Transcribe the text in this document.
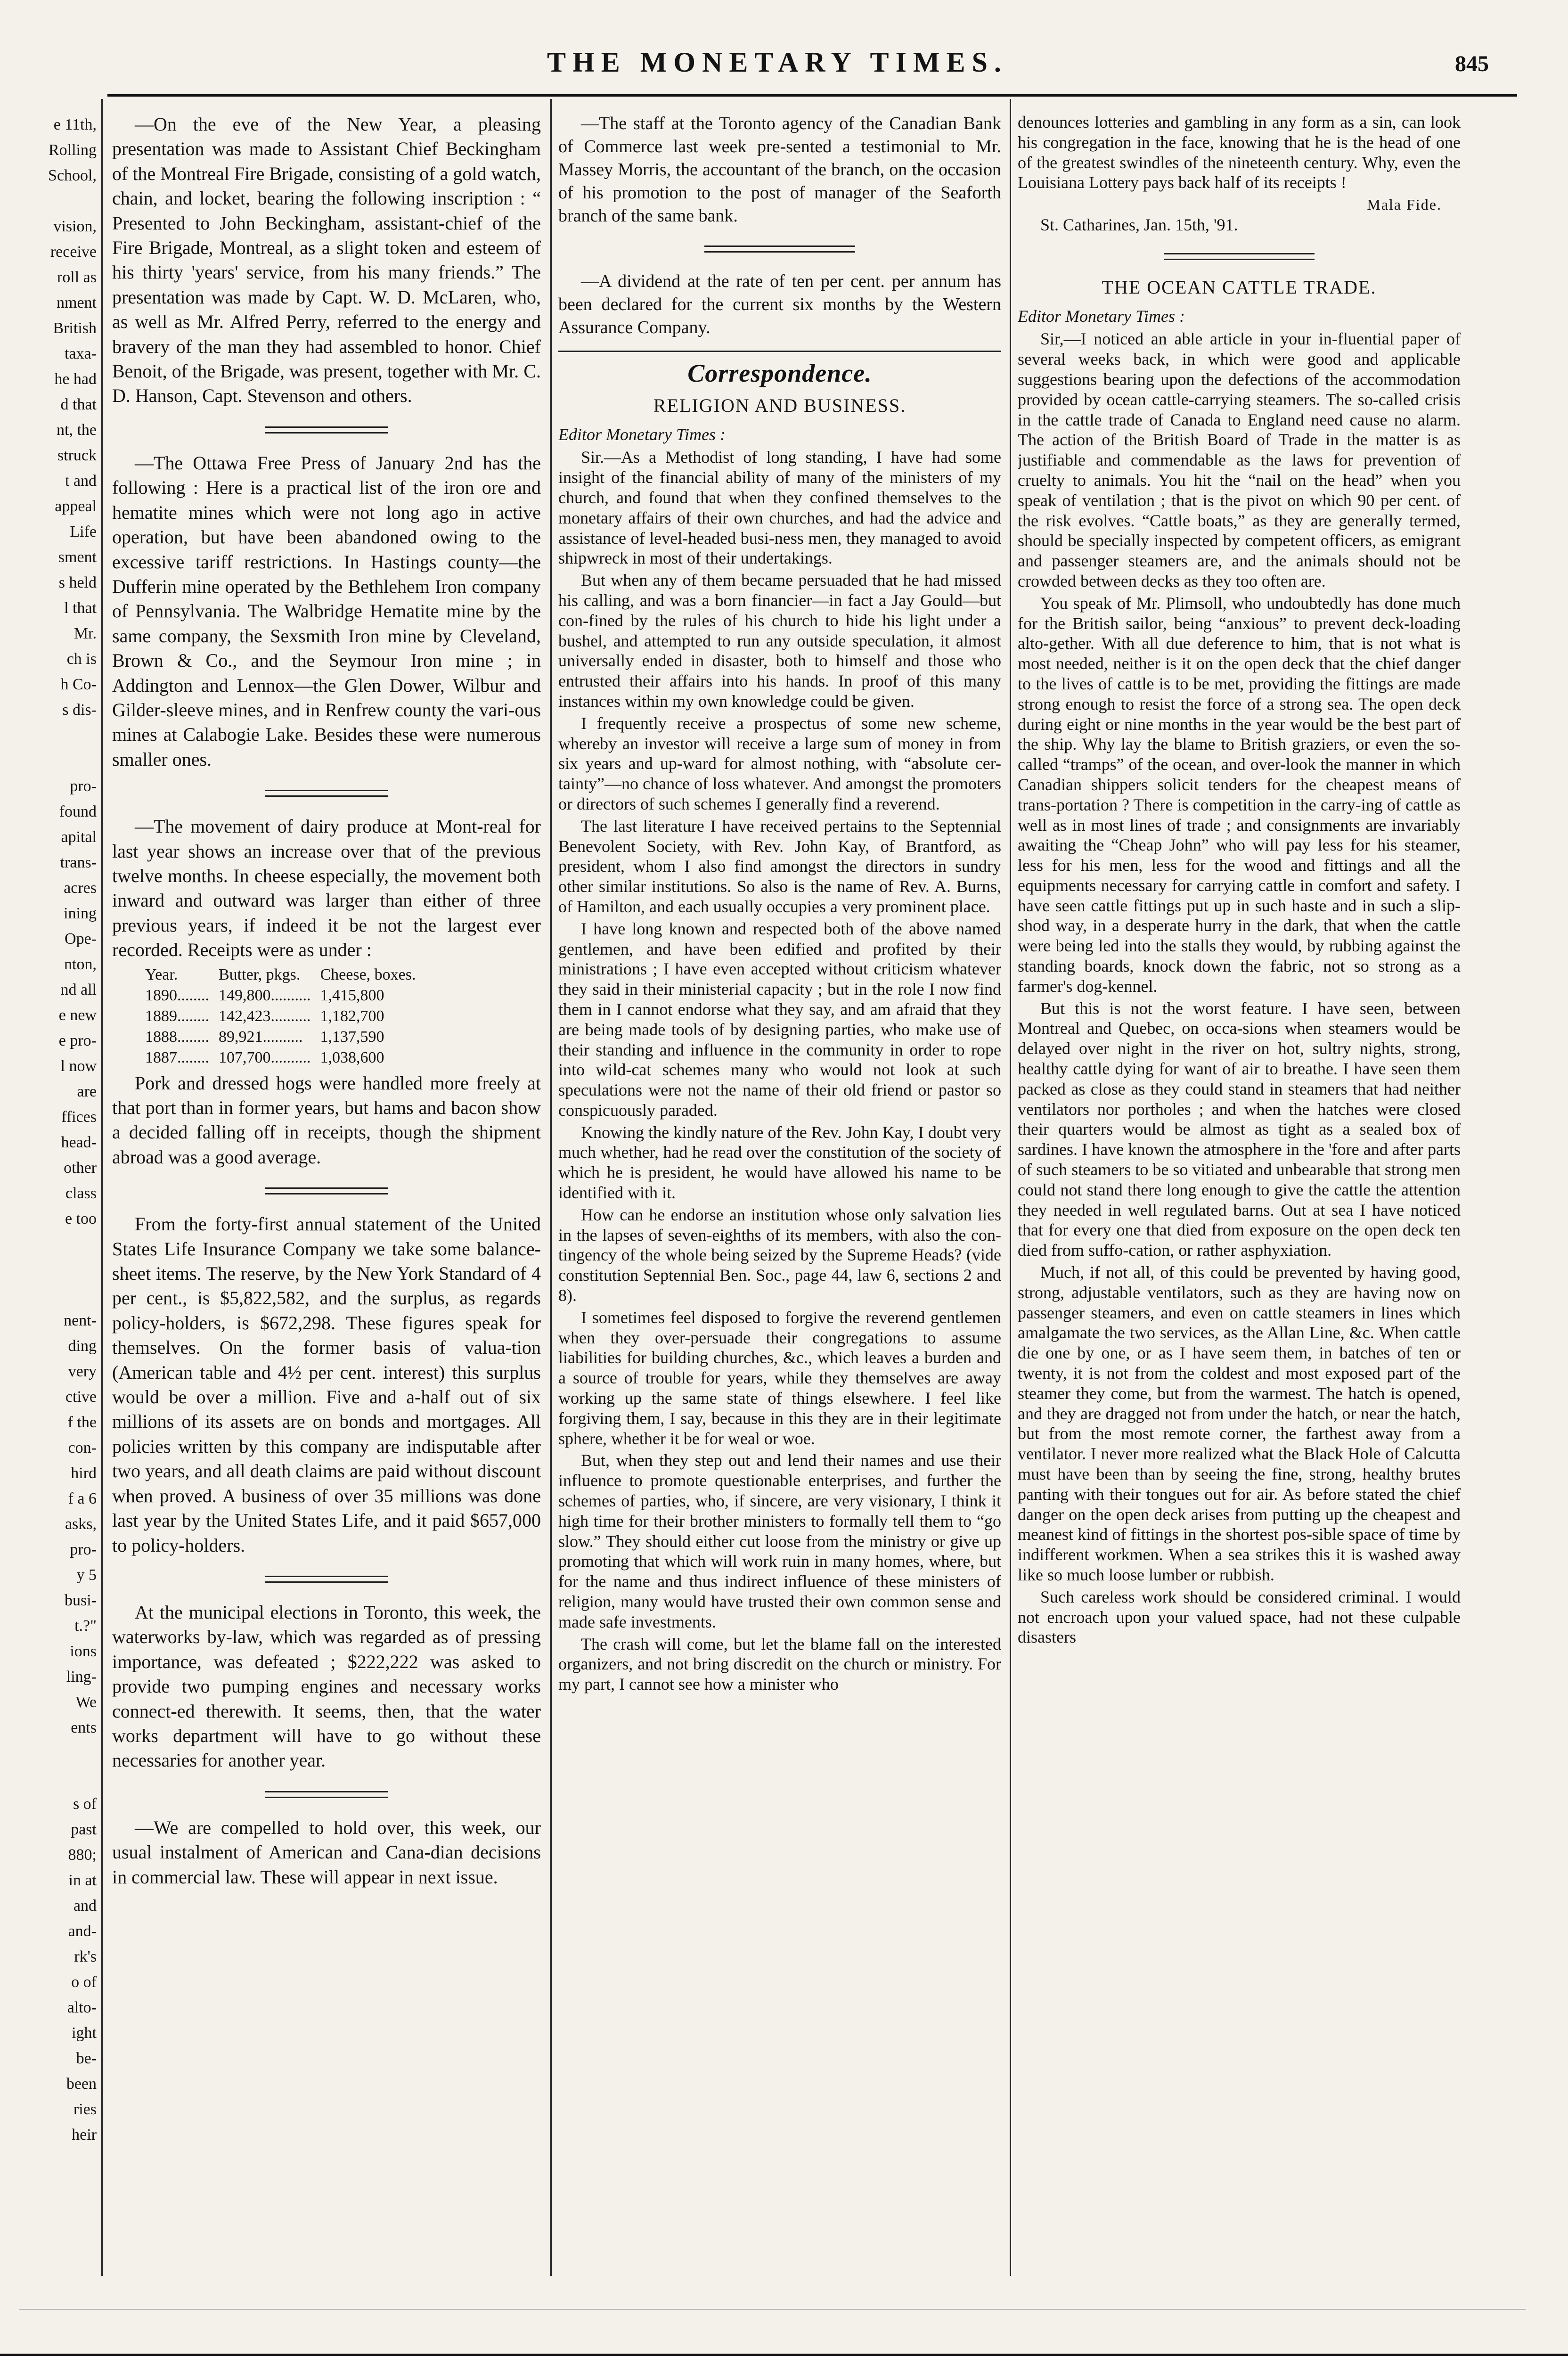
THE MONETARY TIMES.	845
e 11th,
Rolling
School,

vision,
receive
roll as
nment
British
taxa-
he had
d that
nt, the
struck
t and
appeal
Life
sment
s held
l that
Mr.
ch is
h Co-
s dis-

pro-
found
apital
trans-
acres
ining
Ope-
nton,
nd all
e new
e pro-
l now
are
ffices
head-
other
class
e too

nent-
ding
very
ctive
f the
con-
hird
f a 6
asks,
pro-
y 5
busi-
t.?"
ions
ling-
We
ents

s of
past
880;
in at
and
and-
rk's
o of
alto-
ight
be-
been
ries
heir

—On the eve of the New Year, a pleasing presentation was made to Assistant Chief Beckingham of the Montreal Fire Brigade, consisting of a gold watch, chain, and locket, bearing the following inscription : “ Presented to John Beckingham, assistant-chief of the Fire Brigade, Montreal, as a slight token and esteem of his thirty 'years' service, from his many friends.” The presentation was made by Capt. W. D. McLaren, who, as well as Mr. Alfred Perry, referred to the energy and bravery of the man they had assembled to honor. Chief Benoit, of the Brigade, was present, together with Mr. C. D. Hanson, Capt. Stevenson and others.

—The Ottawa Free Press of January 2nd has the following : Here is a practical list of the iron ore and hematite mines which were not long ago in active operation, but have been abandoned owing to the excessive tariff restrictions. In Hastings county—the Dufferin mine operated by the Bethlehem Iron company of Pennsylvania. The Walbridge Hematite mine by the same company, the Sexsmith Iron mine by Cleveland, Brown & Co., and the Seymour Iron mine ; in Addington and Lennox—the Glen Dower, Wilbur and Gilder-sleeve mines, and in Renfrew county the vari-ous mines at Calabogie Lake. Besides these were numerous smaller ones.

—The movement of dairy produce at Mont-real for last year shows an increase over that of the previous twelve months. In cheese especially, the movement both inward and outward was larger than either of three previous years, if indeed it be not the largest ever recorded. Receipts were as under :

Year.	Butter, pkgs.	Cheese, boxes.
1890........	149,800..........	1,415,800
1889........	142,423..........	1,182,700
1888........	89,921..........	1,137,590
1887........	107,700..........	1,038,600

Pork and dressed hogs were handled more freely at that port than in former years, but hams and bacon show a decided falling off in receipts, though the shipment abroad was a good average.

From the forty-first annual statement of the United States Life Insurance Company we take some balance-sheet items. The reserve, by the New York Standard of 4 per cent., is $5,822,582, and the surplus, as regards policy-holders, is $672,298. These figures speak for themselves. On the former basis of valua-tion (American table and 4½ per cent. interest) this surplus would be over a million. Five and a-half out of six millions of its assets are on bonds and mortgages. All policies written by this company are indisputable after two years, and all death claims are paid without discount when proved. A business of over 35 millions was done last year by the United States Life, and it paid $657,000 to policy-holders.

At the municipal elections in Toronto, this week, the waterworks by-law, which was regarded as of pressing importance, was defeated ; $222,222 was asked to provide two pumping engines and necessary works connect-ed therewith. It seems, then, that the water works department will have to go without these necessaries for another year.

—We are compelled to hold over, this week, our usual instalment of American and Cana-dian decisions in commercial law. These will appear in next issue.

—The staff at the Toronto agency of the Canadian Bank of Commerce last week pre-sented a testimonial to Mr. Massey Morris, the accountant of the branch, on the occasion of his promotion to the post of manager of the Seaforth branch of the same bank.

—A dividend at the rate of ten per cent. per annum has been declared for the current six months by the Western Assurance Company.

Correspondence.
RELIGION AND BUSINESS.
Editor Monetary Times :

Sir.—As a Methodist of long standing, I have had some insight of the financial ability of many of the ministers of my church, and found that when they confined themselves to the monetary affairs of their own churches, and had the advice and assistance of level-headed busi-ness men, they managed to avoid shipwreck in most of their undertakings.

But when any of them became persuaded that he had missed his calling, and was a born financier—in fact a Jay Gould—but con-fined by the rules of his church to hide his light under a bushel, and attempted to run any outside speculation, it almost universally ended in disaster, both to himself and those who entrusted their affairs into his hands. In proof of this many instances within my own knowledge could be given.

I frequently receive a prospectus of some new scheme, whereby an investor will receive a large sum of money in from six years and up-ward for almost nothing, with “absolute cer-tainty”—no chance of loss whatever. And amongst the promoters or directors of such schemes I generally find a reverend.

The last literature I have received pertains to the Septennial Benevolent Society, with Rev. John Kay, of Brantford, as president, whom I also find amongst the directors in sundry other similar institutions. So also is the name of Rev. A. Burns, of Hamilton, and each usually occupies a very prominent place.

I have long known and respected both of the above named gentlemen, and have been edified and profited by their ministrations ; I have even accepted without criticism whatever they said in their ministerial capacity ; but in the role I now find them in I cannot endorse what they say, and am afraid that they are being made tools of by designing parties, who make use of their standing and influence in the community in order to rope into wild-cat schemes many who would not look at such speculations were not the name of their old friend or pastor so conspicuously paraded.

Knowing the kindly nature of the Rev. John Kay, I doubt very much whether, had he read over the constitution of the society of which he is president, he would have allowed his name to be identified with it.

How can he endorse an institution whose only salvation lies in the lapses of seven-eighths of its members, with also the con-tingency of the whole being seized by the Supreme Heads? (vide constitution Septennial Ben. Soc., page 44, law 6, sections 2 and 8).

I sometimes feel disposed to forgive the reverend gentlemen when they over-persuade their congregations to assume liabilities for building churches, &c., which leaves a burden and a source of trouble for years, while they themselves are away working up the same state of things elsewhere. I feel like forgiving them, I say, because in this they are in their legitimate sphere, whether it be for weal or woe.

But, when they step out and lend their names and use their influence to promote questionable enterprises, and further the schemes of parties, who, if sincere, are very visionary, I think it high time for their brother ministers to formally tell them to “go slow.” They should either cut loose from the ministry or give up promoting that which will work ruin in many homes, where, but for the name and thus indirect influence of these ministers of religion, many would have trusted their own common sense and made safe investments.

The crash will come, but let the blame fall on the interested organizers, and not bring discredit on the church or ministry. For my part, I cannot see how a minister who

denounces lotteries and gambling in any form as a sin, can look his congregation in the face, knowing that he is the head of one of the greatest swindles of the nineteenth century. Why, even the Louisiana Lottery pays back half of its receipts !

Mala Fide.
St. Catharines, Jan. 15th, '91.
THE OCEAN CATTLE TRADE.
Editor Monetary Times :

Sir,—I noticed an able article in your in-fluential paper of several weeks back, in which were good and applicable suggestions bearing upon the defections of the accommodation provided by ocean cattle-carrying steamers. The so-called crisis in the cattle trade of Canada to England need cause no alarm. The action of the British Board of Trade in the matter is as justifiable and commendable as the laws for prevention of cruelty to animals. You hit the “nail on the head” when you speak of ventilation ; that is the pivot on which 90 per cent. of the risk evolves. “Cattle boats,” as they are generally termed, should be specially inspected by competent officers, as emigrant and passenger steamers are, and the animals should not be crowded between decks as they too often are.

You speak of Mr. Plimsoll, who undoubtedly has done much for the British sailor, being “anxious” to prevent deck-loading alto-gether. With all due deference to him, that is not what is most needed, neither is it on the open deck that the chief danger to the lives of cattle is to be met, providing the fittings are made strong enough to resist the force of a strong sea. The open deck during eight or nine months in the year would be the best part of the ship. Why lay the blame to British graziers, or even the so-called “tramps” of the ocean, and over-look the manner in which Canadian shippers solicit tenders for the cheapest means of trans-portation ? There is competition in the carry-ing of cattle as well as in most lines of trade ; and consignments are invariably awaiting the “Cheap John” who will pay less for his steamer, less for his men, less for the wood and fittings and all the equipments necessary for carrying cattle in comfort and safety. I have seen cattle fittings put up in such haste and in such a slip-shod way, in a desperate hurry in the dark, that when the cattle were being led into the stalls they would, by rubbing against the standing boards, knock down the fabric, not so strong as a farmer's dog-kennel.

But this is not the worst feature. I have seen, between Montreal and Quebec, on occa-sions when steamers would be delayed over night in the river on hot, sultry nights, strong, healthy cattle dying for want of air to breathe. I have seen them packed as close as they could stand in steamers that had neither ventilators nor portholes ; and when the hatches were closed their quarters would be almost as tight as a sealed box of sardines. I have known the atmosphere in the 'fore and after parts of such steamers to be so vitiated and unbearable that strong men could not stand there long enough to give the cattle the attention they needed in well regulated barns. Out at sea I have noticed that for every one that died from exposure on the open deck ten died from suffo-cation, or rather asphyxiation.

Much, if not all, of this could be prevented by having good, strong, adjustable ventilators, such as they are having now on passenger steamers, and even on cattle steamers in lines which amalgamate the two services, as the Allan Line, &c. When cattle die one by one, or as I have seem them, in batches of ten or twenty, it is not from the coldest and most exposed part of the steamer they come, but from the warmest. The hatch is opened, and they are dragged not from under the hatch, or near the hatch, but from the most remote corner, the farthest away from a ventilator. I never more realized what the Black Hole of Calcutta must have been than by seeing the fine, strong, healthy brutes panting with their tongues out for air. As before stated the chief danger on the open deck arises from putting up the cheapest and meanest kind of fittings in the shortest pos-sible space of time by indifferent workmen. When a sea strikes this it is washed away like so much loose lumber or rubbish.

Such careless work should be considered criminal. I would not encroach upon your valued space, had not these culpable disasters
